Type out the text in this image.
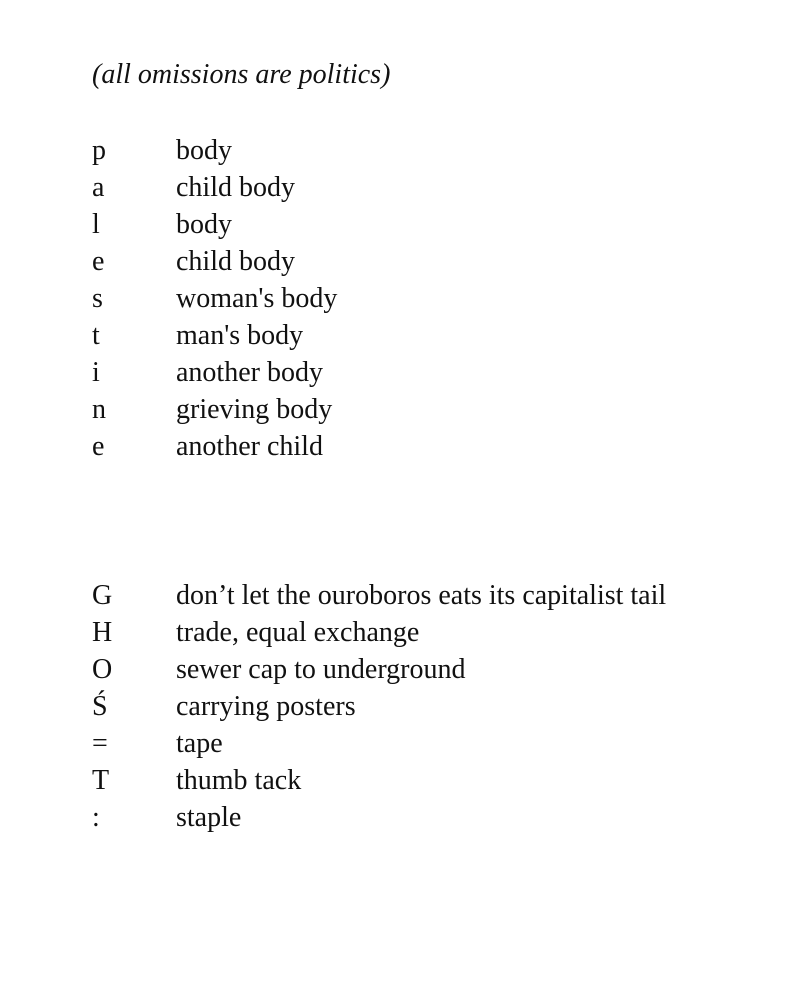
(all omissions are politics)
p	body
a	child body
l	body
e	child body
s	woman's body
t	man's body
i	another body
n	grieving body
e	another child
G	don’t let the ouroboros eats its capitalist tail
H	trade, equal exchange
O	sewer cap to underground
Ś	carrying posters
=	tape
T	thumb tack
:	staple
